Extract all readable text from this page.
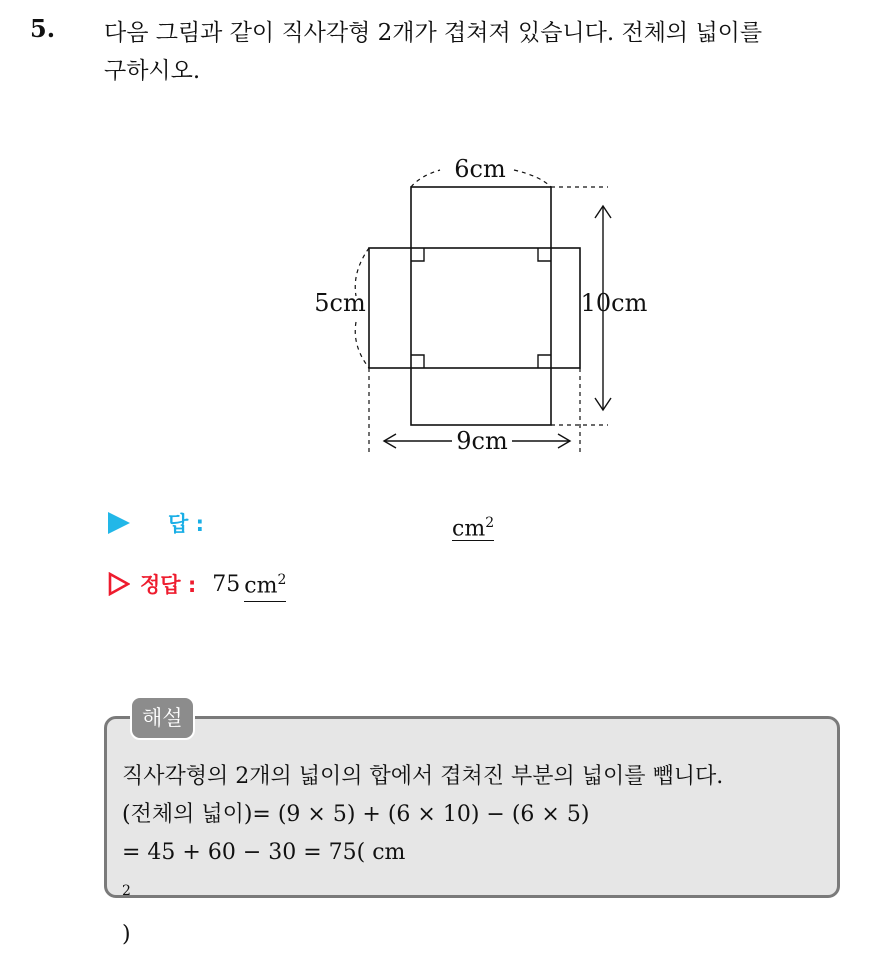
5. 다음 그림과 같이 직사각형 2개가 겹쳐져 있습니다. 전체의 넓이를
구하시오.
6cm
5cm	10cm
9cm
답 :	$cm^2$
정답 : 75 $cm^2$
해설
직사각형의 2개의 넓이의 합에서 겹쳐진 부분의 넓이를 뺍니다.
(전체의 넓이)= (9 × 5) + (6 × 10) − (6 × 5)
= 45 + 60 − 30 = 75( cm
$^2$
)
